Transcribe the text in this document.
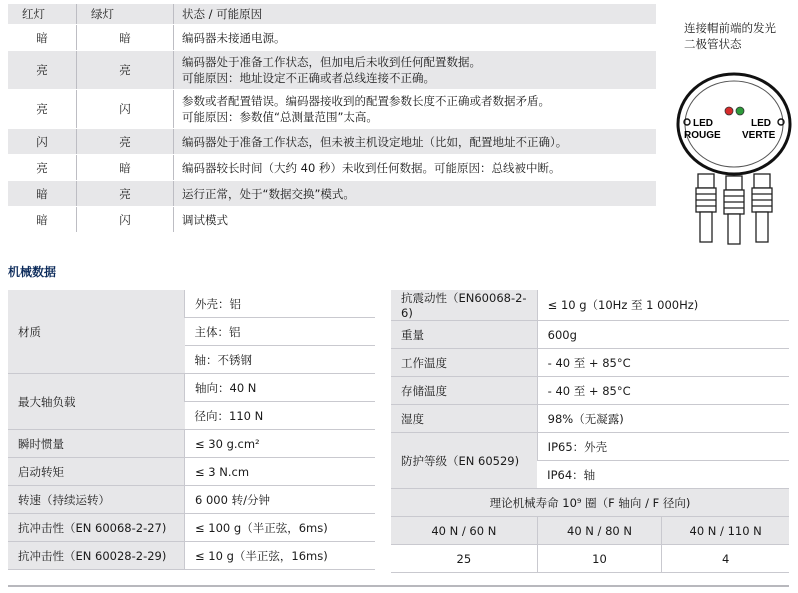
红灯	绿灯	状态 / 可能原因
暗	暗	编码器未接通电源。
亮	亮	编码器处于准备工作状态，但加电后未收到任何配置数据。
可能原因：地址设定不正确或者总线连接不正确。

亮	闪	参数或者配置错误。编码器接收到的配置参数长度不正确或者数据矛盾。
可能原因：参数值“总测量范围”太高。

闪	亮	编码器处于准备工作状态，但未被主机设定地址（比如，配置地址不正确）。
亮	暗	编码器较长时间（大约 40 秒）未收到任何数据。可能原因：总线被中断。
暗	亮	运行正常，处于“数据交换”模式。
暗	闪	调试模式
连接帽前端的发光
二极管状态
LED
ROUGE
LED
VERTE
机械数据
材质	外壳：铝
	主体：铝
	轴：不锈钢
最大轴负载	轴向：40 N
	径向：110 N
瞬时惯量	≤ 30 g.cm²
启动转矩	≤ 3 N.cm
转速（持续运转）	6 000 转/分钟
抗冲击性（EN 60068-2-27)	≤ 100 g（半正弦，6ms)
抗冲击性（EN 60028-2-29)	≤ 10 g（半正弦，16ms)
抗震动性（EN60068-2-6)	≤ 10 g（10Hz 至 1 000Hz)	
重量	600g	
工作温度	- 40 至 + 85°C	
存储温度	- 40 至 + 85°C	
湿度	98%（无凝露)	
防护等级（EN 60529)	IP65：外壳	
	IP64：轴	
理论机械寿命 10⁹ 圈（F 轴向 / F 径向)		
40 N / 60 N	40 N / 80 N	40 N / 110 N
25	10	4
